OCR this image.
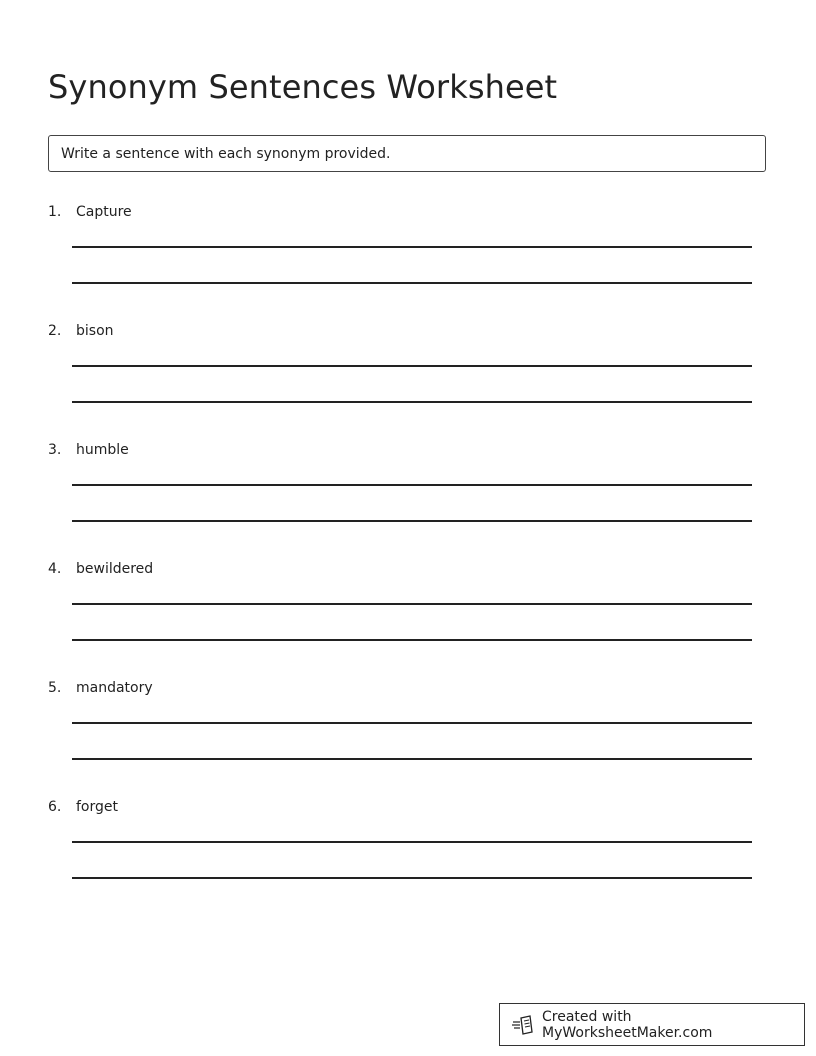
Synonym Sentences Worksheet
Write a sentence with each synonym provided.
1. Capture
2. bison
3. humble
4. bewildered
5. mandatory
6. forget
Created with MyWorksheetMaker.com
